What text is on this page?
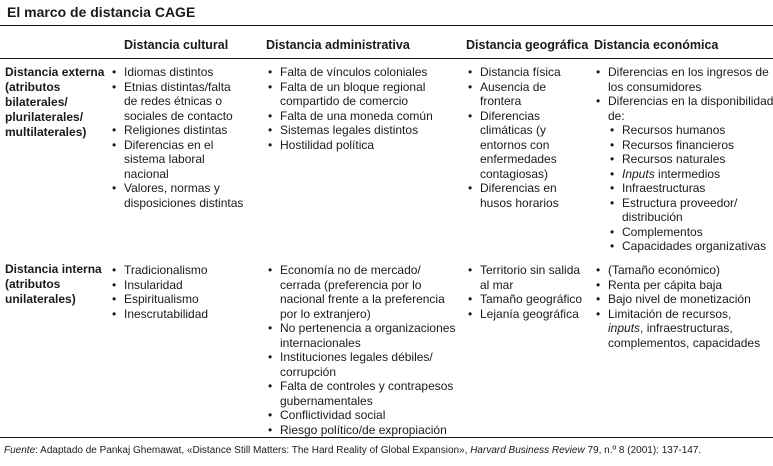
El marco de distancia CAGE
Distancia cultural	Distancia administrativa	Distancia geográfica Distancia económica
Distancia externa
(atributos
bilaterales/
plurilaterales/
multilaterales)
• Idiomas distintos
• Etnias distintas/falta
de redes étnicas o
sociales de contacto
• Religiones distintas
• Diferencias en el
sistema laboral
nacional
• Valores, normas y
disposiciones distintas
• Falta de vínculos coloniales
• Falta de un bloque regional
compartido de comercio
• Falta de una moneda común
• Sistemas legales distintos
• Hostilidad política
• Distancia física
• Ausencia de
frontera
• Diferencias
climáticas (y
entornos con
enfermedades
contagiosas)
• Diferencias en
husos horarios
• Diferencias en los ingresos de
los consumidores
• Diferencias en la disponibilidad
de:
• Recursos humanos
• Recursos financieros
• Recursos naturales
• Inputs intermedios
• Infraestructuras
• Estructura proveedor/
distribución
• Complementos
• Capacidades organizativas
Distancia interna
(atributos
unilaterales)
• Tradicionalismo
• Insularidad
• Espiritualismo
• Inescrutabilidad
• Economía no de mercado/
cerrada (preferencia por lo
nacional frente a la preferencia
por lo extranjero)
• No pertenencia a organizaciones
internacionales
• Instituciones legales débiles/
corrupción
• Falta de controles y contrapesos
gubernamentales
• Conflictividad social
• Riesgo político/de expropiación
• Territorio sin salida
al mar
• Tamaño geográfico
• Lejanía geográfica
• (Tamaño económico)
• Renta per cápita baja
• Bajo nivel de monetización
• Limitación de recursos,
inputs, infraestructuras,
complementos, capacidades
Fuente: Adaptado de Pankaj Ghemawat, «Distance Still Matters: The Hard Reality of Global Expansion», Harvard Business Review 79, n.º 8 (2001): 137-147.
